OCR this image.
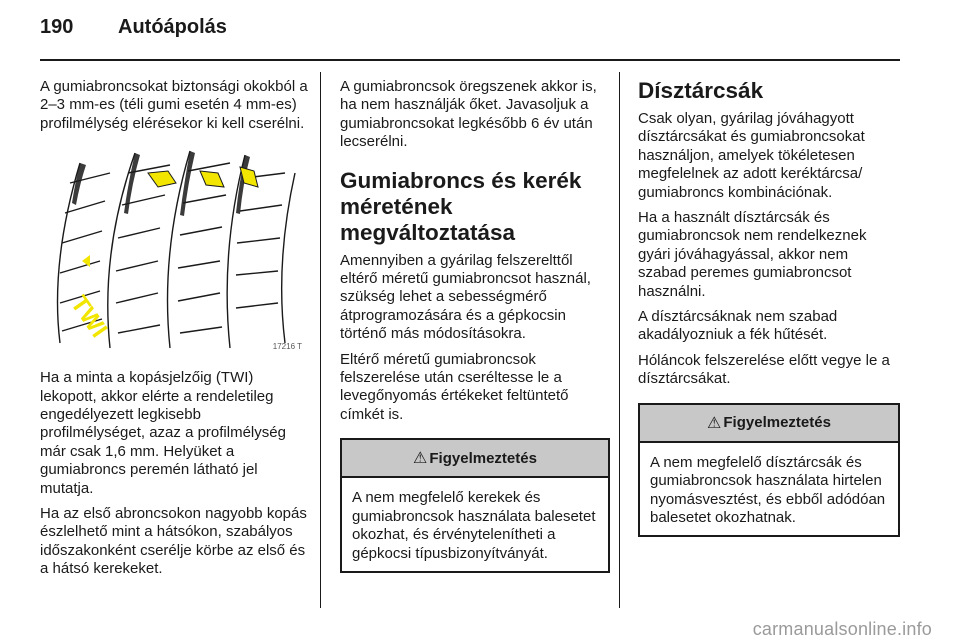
190	Autóápolás

A gumiabroncsokat biztonsági okokból a 2–3 mm-es (téli gumi esetén 4 mm-es) profilmélység elérésekor ki kell cserélni.

TWI
17216 T

Ha a minta a kopásjelzőig (TWI) lekopott, akkor elérte a rendeletileg engedélyezett legkisebb profilmélységet, azaz a profilmélység már csak 1,6 mm. Helyüket a gumiabroncs peremén látható jel mutatja.

Ha az első abroncsokon nagyobb kopás észlelhető mint a hátsókon, szabályos időszakonként cserélje körbe az első és a hátsó kerekeket.

A gumiabroncsok öregszenek akkor is, ha nem használják őket. Javasoljuk a gumiabroncsokat legkésőbb 6 év után lecserélni.

Gumiabroncs és kerék méretének megváltoztatása

Amennyiben a gyárilag felszerelttől eltérő méretű gumiabroncsot használ, szükség lehet a sebességmérő átprogramozására és a gépkocsin történő más módosításokra.

Eltérő méretű gumiabroncsok felszerelése után cseréltesse le a levegőnyomás értékeket feltüntető címkét is.

⚠ Figyelmeztetés

A nem megfelelő kerekek és gumiabroncsok használata balesetet okozhat, és érvénytelenítheti a gépkocsi típusbizonyítványát.

Dísztárcsák

Csak olyan, gyárilag jóváhagyott dísztárcsákat és gumiabroncsokat használjon, amelyek tökéletesen megfelelnek az adott keréktárcsa/ gumiabroncs kombinációnak.

Ha a használt dísztárcsák és gumiabroncsok nem rendelkeznek gyári jóváhagyással, akkor nem szabad peremes gumiabroncsot használni.

A dísztárcsáknak nem szabad akadályozniuk a fék hűtését.

Hóláncok felszerelése előtt vegye le a dísztárcsákat.

⚠ Figyelmeztetés

A nem megfelelő dísztárcsák és gumiabroncsok használata hirtelen nyomásvesztést, és ebből adódóan balesetet okozhatnak.

carmanualsonline.info
